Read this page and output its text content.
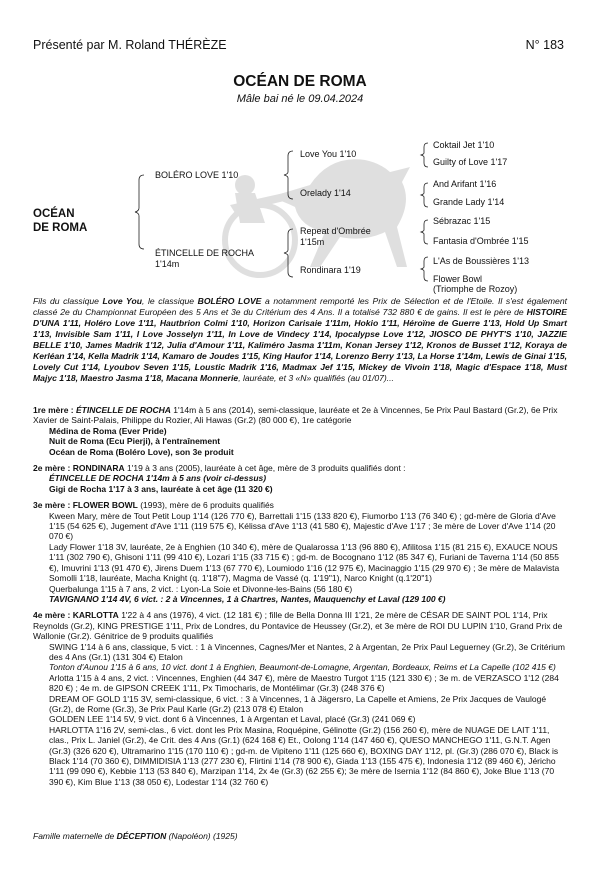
Présenté par M. Roland THÉRÈZE	N° 183
OCÉAN DE ROMA
Mâle bai né le 09.04.2024
OCÉAN
DE ROMA
BOLÉRO LOVE 1'10
ÉTINCELLE DE ROCHA
1'14m
Love You 1'10
Orelady 1'14
Repeat d'Ombrée
1'15m
Rondinara 1'19
Coktail Jet 1'10
Guilty of Love 1'17
And Arifant 1'16
Grande Lady 1'14
Sébrazac 1'15
Fantasia d'Ombrée 1'15
L'As de Boussières 1'13
Flower Bowl
(Triomphe de Rozoy)
Fils du classique Love You, le classique BOLÉRO LOVE a notamment remporté les Prix de Sélection et de l'Etoile. Il s'est également classé 2e du Championnat Européen des 5 Ans et 3e du Critérium des 4 Ans. Il a totalisé 732 880 € de gains. Il est le père de HISTOIRE D'UNA 1'11, Holéro Love 1'11, Hautbrion Colmi 1'10, Horizon Carisaie 1'11m, Hokio 1'11, Héroïne de Guerre 1'13, Hold Up Smart 1'13, Invisible Sam 1'11, I Love Josselyn 1'11, In Love de Vindecy 1'14, Ipocalypse Love 1'12, JIOSCO DE PHYT'S 1'10, JAZZIE BELLE 1'10, James Madrik 1'12, Julia d'Amour 1'11, Kaliméro Jasma 1'11m, Konan Jersey 1'12, Kronos de Busset 1'12, Koraya de Kerléan 1'14, Kella Madrik 1'14, Kamaro de Joudes 1'15, King Haufor 1'14, Lorenzo Berry 1'13, La Horse 1'14m, Lewis de Ginai 1'15, Lovely Cut 1'14, Lyoubov Seven 1'15, Loustic Madrik 1'16, Madmax Jef 1'15, Mickey de Vivoin 1'18, Magic d'Espace 1'18, Must Majyc 1'18, Maestro Jasma 1'18, Macana Monnerie, lauréate, et 3 «N» qualifiés (au 01/07)...
1re mère : ÉTINCELLE DE ROCHA 1'14m à 5 ans (2014), semi-classique, lauréate et 2e à Vincennes, 5e Prix Paul Bastard (Gr.2), 6e Prix Xavier de Saint-Palais, Philippe du Rozier, Ali Hawas (Gr.2) (80 000 €), 1re catégorie
Médina de Roma (Ever Pride)
Nuit de Roma (Ecu Pierji), à l'entraînement
Océan de Roma (Boléro Love), son 3e produit
2e mère : RONDINARA 1'19 à 3 ans (2005), lauréate à cet âge, mère de 3 produits qualifiés dont :
ÉTINCELLE DE ROCHA 1'14m à 5 ans (voir ci-dessus)
Gigi de Rocha 1'17 à 3 ans, lauréate à cet âge (11 320 €)
3e mère : FLOWER BOWL (1993), mère de 6 produits qualifiés
Kween Mary, mère de Tout Petit Loup 1'14 (126 770 €), Barrettali 1'15 (133 820 €), Fiumorbo 1'13 (76 340 €) ; gd-mère de Gloria d'Ave 1'15 (54 625 €), Jugement d'Ave 1'11 (119 575 €), Kélissa d'Ave 1'13 (41 580 €), Majestic d'Ave 1'17 ; 3e mère de Lover d'Ave 1'14 (20 070 €)
Lady Flower 1'18 3V, lauréate, 2e à Enghien (10 340 €), mère de Qualarossa 1'13 (96 880 €), Afilitosa 1'15 (81 215 €), EXAUCE NOUS 1'11 (302 790 €), Ghisoni 1'11 (99 410 €), Lozari 1'15 (33 715 €) ; gd-m. de Bocognano 1'12 (85 347 €), Furiani de Taverna 1'14 (50 855 €), Imuvrini 1'13 (91 470 €), Jirens Duem 1'13 (67 770 €), Loumiodo 1'16 (12 975 €), Macinaggio 1'15 (29 970 €) ; 3e mère de Malavista Somolli 1'18, lauréate, Macha Knight (q. 1'18"7), Magma de Vassé (q. 1'19"1), Narco Knight (q.1'20"1)
Querbalunga 1'15 à 7 ans, 2 vict. : Lyon-La Soie et Divonne-les-Bains (56 180 €)
TAVIGNANO 1'14 4V, 6 vict. : 2 à Vincennes, 1 à Chartres, Nantes, Mauquenchy et Laval (129 100 €)
4e mère : KARLOTTA 1'22 à 4 ans (1976), 4 vict. (12 181 €) ; fille de Bella Donna III 1'21, 2e mère de CÉSAR DE SAINT POL 1'14, Prix Reynolds (Gr.2), KING PRESTIGE 1'11, Prix de Londres, du Pontavice de Heussey (Gr.2), et 3e mère de ROI DU LUPIN 1'10, Grand Prix de Wallonie (Gr.2). Génitrice de 9 produits qualifiés
SWING 1'14 à 6 ans, classique, 5 vict. : 1 à Vincennes, Cagnes/Mer et Nantes, 2 à Argentan, 2e Prix Paul Leguerney (Gr.2), 3e Critérium des 4 Ans (Gr.1) (131 304 €) Etalon
Tonton d'Aunou 1'15 à 6 ans, 10 vict. dont 1 à Enghien, Beaumont-de-Lomagne, Argentan, Bordeaux, Reims et La Capelle (102 415 €)
Arlotta 1'15 à 4 ans, 2 vict. : Vincennes, Enghien (44 347 €), mère de Maestro Turgot 1'15 (121 330 €) ; 3e m. de VERZASCO 1'12 (284 820 €) ; 4e m. de GIPSON CREEK 1'11, Px Timocharis, de Montélimar (Gr.3) (248 376 €)
DREAM OF GOLD 1'15 3V, semi-classique, 6 vict. : 3 à Vincennes, 1 à Jägersro, La Capelle et Amiens, 2e Prix Jacques de Vaulogé (Gr.2), de Rome (Gr.3), 3e Prix Paul Karle (Gr.2) (213 078 €) Etalon
GOLDEN LEE 1'14 5V, 9 vict. dont 6 à Vincennes, 1 à Argentan et Laval, placé (Gr.3) (241 069 €)
HARLOTTA 1'16 2V, semi-clas., 6 vict. dont les Prix Masina, Roquépine, Gélinotte (Gr.2) (156 260 €), mère de NUAGE DE LAIT 1'11, clas., Prix L. Janiel (Gr.2), 4e Crit. des 4 Ans (Gr.1) (624 168 €) Et., Oolong 1'14 (147 460 €), QUESO MANCHEGO 1'11, G.N.T. Agen (Gr.3) (326 620 €), Ultramarino 1'15 (170 110 €) ; gd-m. de Vipiteno 1'11 (125 660 €), BOXING DAY 1'12, pl. (Gr.3) (286 070 €), Black is Black 1'14 (70 360 €), DIMMIDISIA 1'13 (277 230 €), Flirtini 1'14 (78 900 €), Giada 1'13 (155 475 €), Indonesia 1'12 (89 460 €), Jéricho 1'11 (99 090 €), Kebbie 1'13 (53 840 €), Marzipan 1'14, 2x 4e (Gr.3) (62 255 €); 3e mère de Isernia 1'12 (84 860 €), Joke Blue 1'13 (70 390 €), Kim Blue 1'13 (38 050 €), Lodestar 1'14 (32 760 €)
Famille maternelle de DÉCEPTION (Napoléon) (1925)
